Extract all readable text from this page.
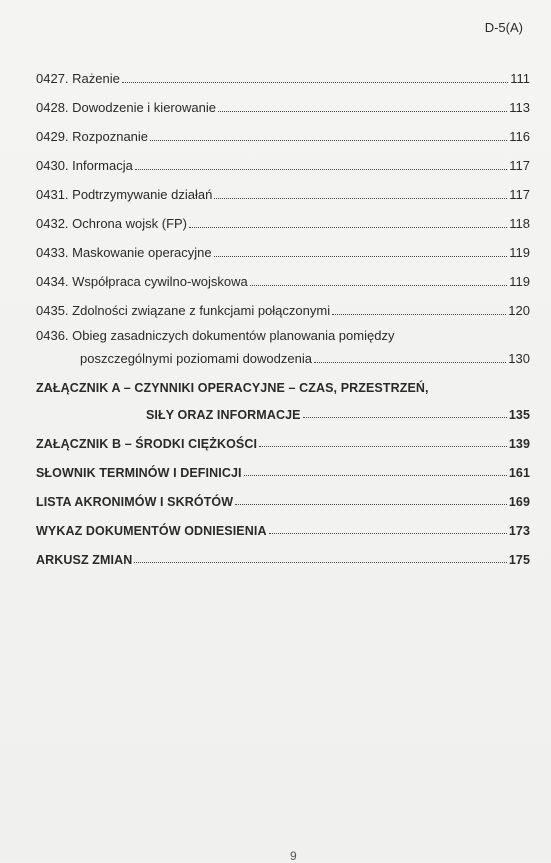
D-5(A)
0427. Rażenie	111
0428. Dowodzenie i kierowanie	113
0429. Rozpoznanie	116
0430. Informacja	117
0431. Podtrzymywanie działań	117
0432. Ochrona wojsk (FP)	118
0433. Maskowanie operacyjne	119
0434. Współpraca cywilno-wojskowa	119
0435. Zdolności związane z funkcjami połączonymi	120
0436. Obieg zasadniczych dokumentów planowania pomiędzy
poszczególnymi poziomami dowodzenia	130
ZAŁĄCZNIK A – CZYNNIKI OPERACYJNE – CZAS, PRZESTRZEŃ,
SIŁY ORAZ INFORMACJE	135
ZAŁĄCZNIK B – ŚRODKI CIĘŻKOŚCI	139
SŁOWNIK TERMINÓW I DEFINICJI	161
LISTA AKRONIMÓW I SKRÓTÓW	169
WYKAZ DOKUMENTÓW ODNIESIENIA	173
ARKUSZ ZMIAN	175
9
